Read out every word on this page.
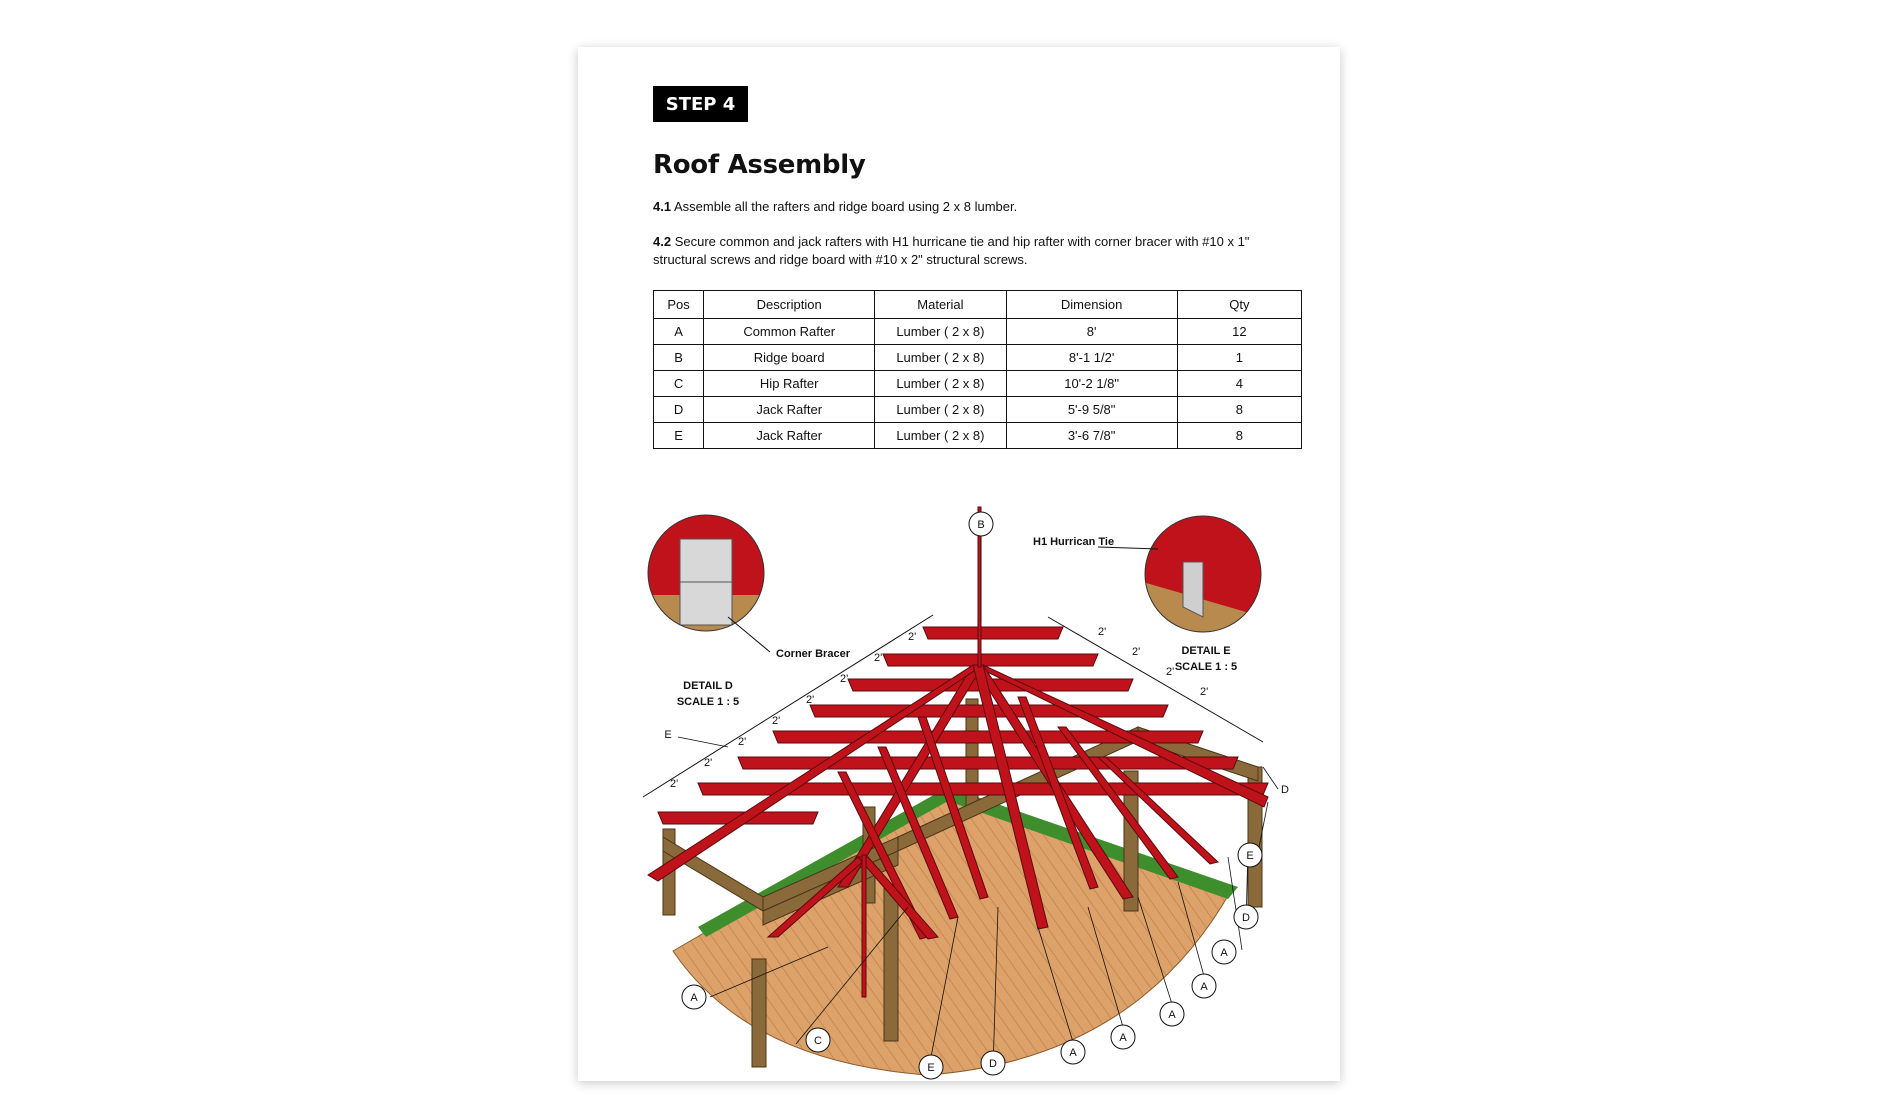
STEP 4
Roof Assembly
4.1 Assemble all the rafters and ridge board using 2 x 8 lumber.
4.2 Secure common and jack rafters with H1 hurricane tie and hip rafter with corner bracer with #10 x 1" structural screws and ridge board with #10 x 2" structural screws.
Pos	Description	Material	Dimension	Qty
A	Common Rafter	Lumber ( 2 x 8)	8'	12
B	Ridge board	Lumber ( 2 x 8)	8'-1 1/2'	1
C	Hip Rafter	Lumber ( 2 x 8)	10'-2 1/8"	4
D	Jack Rafter	Lumber ( 2 x 8)	5'-9 5/8"	8
E	Jack Rafter	Lumber ( 2 x 8)	3'-6 7/8"	8
2'
2'
2'
2'
2'
2'
2'
2'	2'
2'
2'
2'
Corner Bracer
DETAIL D
SCALE 1 : 5
H1 Hurrican Tie
DETAIL E
SCALE 1 : 5
B
E
D
E
D
A
A
A
A
A
D
E
C
A
